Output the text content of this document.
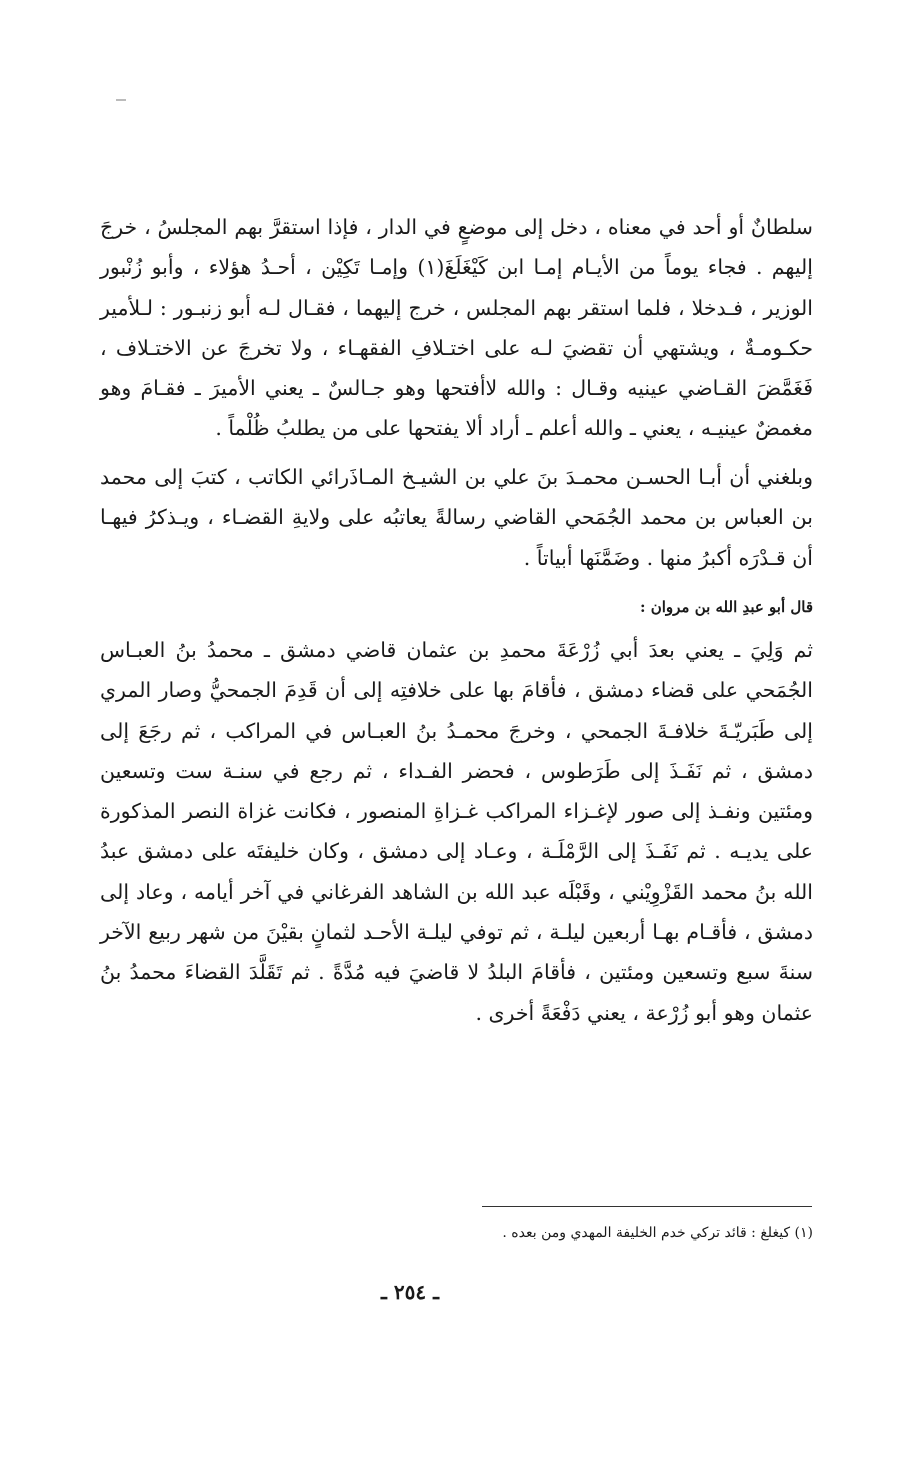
سلطانٌ أو أحد في معناه ، دخل إلى موضعٍ في الدار ، فإذا استقرَّ بهم المجلسُ ، خرجَ إليهم . فجاء يوماً من الأيـام إمـا ابن كَيْغَلَغَ(١) وإمـا تَكِيْن ، أحـدُ هؤلاء ، وأبو زُنْبور الوزير ، فـدخلا ، فلما استقر بهم المجلس ، خرج إليهما ، فقـال لـه أبو زنبـور : لـلأمير حكـومـةٌ ، ويشتهي أن تقضيَ لـه على اختـلافِ الفقهـاء ، ولا تخرجَ عن الاختـلاف ، فَغَمَّضَ القـاضي عينيه وقـال : والله لاأفتحها وهو جـالسٌ ـ يعني الأميرَ ـ فقـامَ وهو مغمضٌ عينيـه ، يعني ـ والله أعلم ـ أراد ألا يفتحها على من يطلبُ ظُلْماً .

وبلغني أن أبـا الحسـن محمـدَ بنَ علي بن الشيـخ المـاذَرائي الكاتب ، كتبَ إلى محمد بن العباس بن محمد الجُمَحي القاضي رسالةً يعاتبُه على ولايةِ القضـاء ، ويـذكرُ فيهـا أن قـدْرَه أكبرُ منها . وضَمَّنَها أبياتاً .

قال أبو عبدِ الله بن مروان :

ثم وَلِيَ ـ يعني بعدَ أبي زُرْعَةَ محمدِ بن عثمان قاضي دمشق ـ محمدُ بنُ العبـاس الجُمَحي على قضاء دمشق ، فأقامَ بها على خلافتِه إلى أن قَدِمَ الجمحيُّ وصار المري إلى طَبَريّـةَ خلافـةَ الجمحي ، وخرجَ محمـدُ بنُ العبـاس في المراكب ، ثم رجَعَ إلى دمشق ، ثم نَفَـذَ إلى طَرَطوس ، فحضر الفـداء ، ثم رجع في سنـة ست وتسعين ومئتين ونفـذ إلى صور لإغـزاء المراكب غـزاةِ المنصور ، فكانت غزاة النصر المذكورة على يديـه . ثم نَفَـذَ إلى الرَّمْلَـة ، وعـاد إلى دمشق ، وكان خليفتَه على دمشق عبدُ الله بنُ محمد القَزْوِيْني ، وقَبْلَه عبد الله بن الشاهد الفرغاني في آخر أيامه ، وعاد إلى دمشق ، فأقـام بهـا أربعين ليلـة ، ثم توفي ليلـة الأحـد لثمانٍ بقيْنَ من شهر ربيع الآخر سنةَ سبع وتسعين ومئتين ، فأقامَ البلدُ لا قاضيَ فيه مُدَّةً . ثم تَقَلَّدَ القضاءَ محمدُ بنُ عثمان وهو أبو زُرْعة ، يعني دَفْعَةً أخرى .

(١) كيغلغ : قائد تركي خدم الخليفة المهدي ومن بعده .
ـ ٢٥٤ ـ
